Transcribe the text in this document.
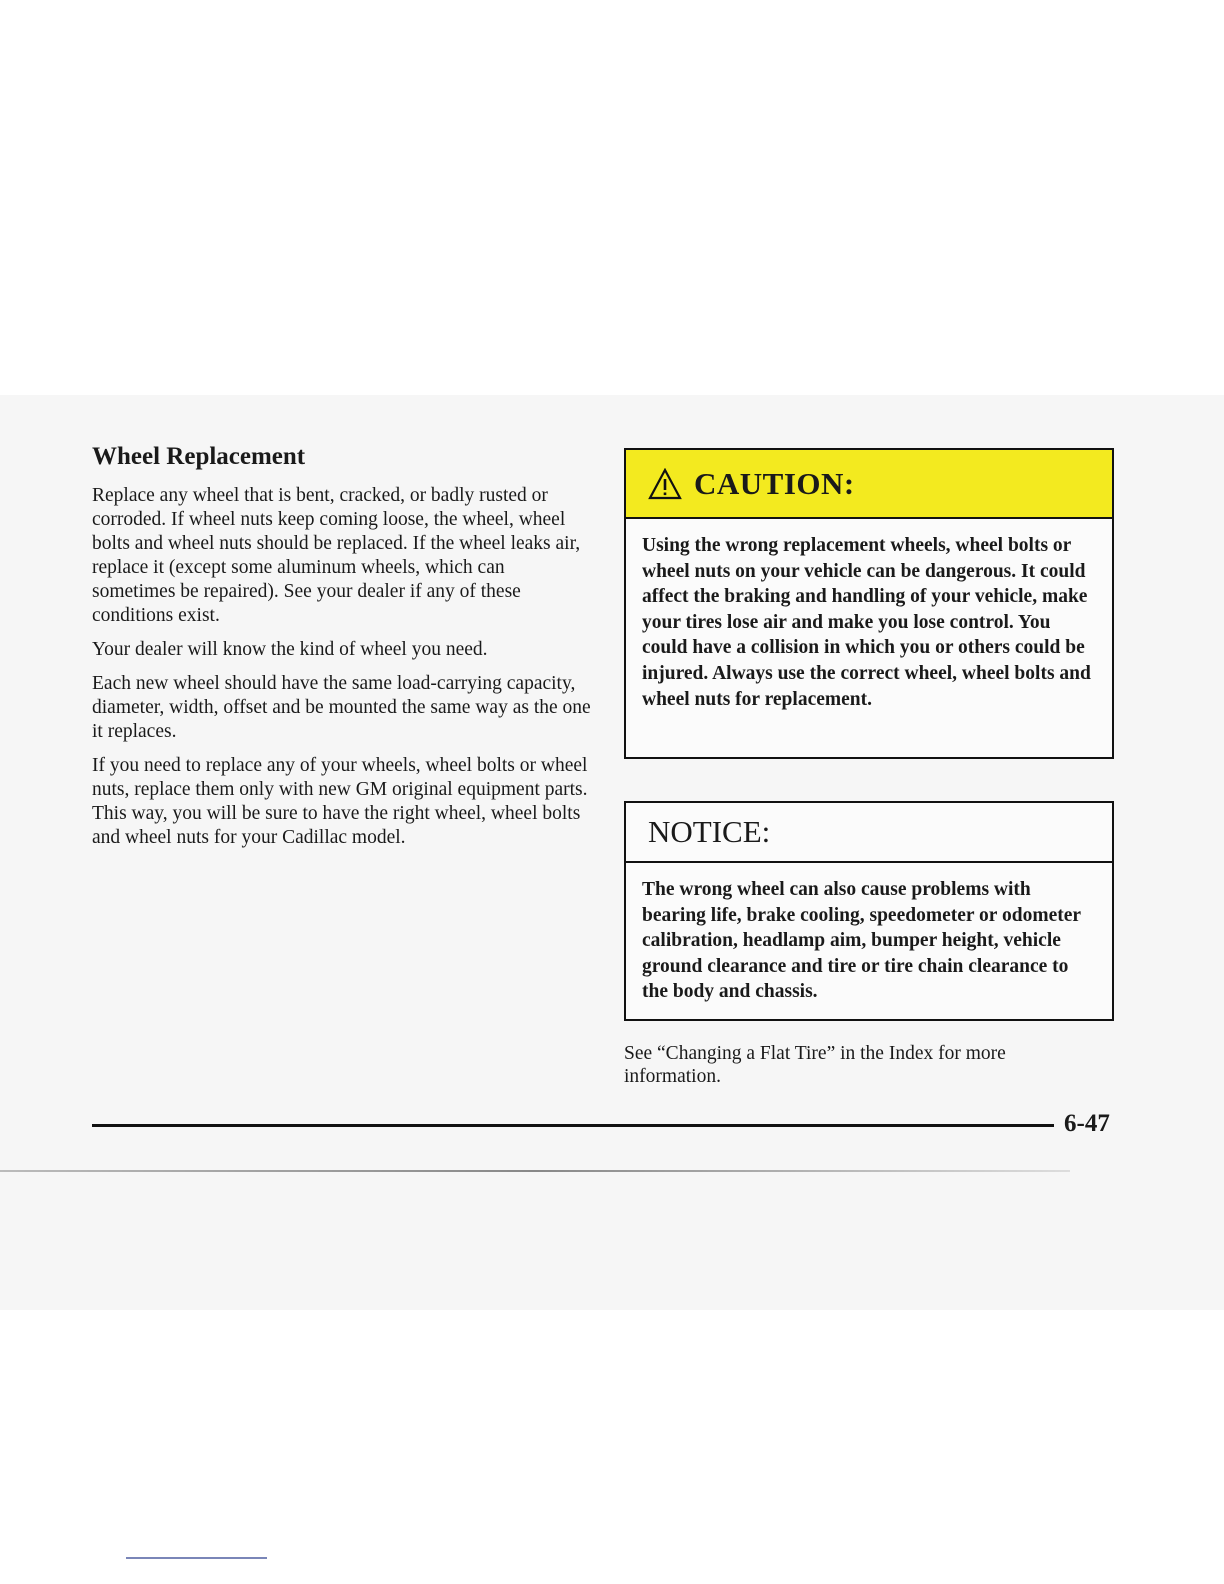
Wheel Replacement

Replace any wheel that is bent, cracked, or badly rusted or corroded. If wheel nuts keep coming loose, the wheel, wheel bolts and wheel nuts should be replaced. If the wheel leaks air, replace it (except some aluminum wheels, which can sometimes be repaired). See your dealer if any of these conditions exist.

Your dealer will know the kind of wheel you need.

Each new wheel should have the same load-carrying capacity, diameter, width, offset and be mounted the same way as the one it replaces.

If you need to replace any of your wheels, wheel bolts or wheel nuts, replace them only with new GM original equipment parts. This way, you will be sure to have the right wheel, wheel bolts and wheel nuts for your Cadillac model.

CAUTION:
Using the wrong replacement wheels, wheel bolts or wheel nuts on your vehicle can be dangerous. It could affect the braking and handling of your vehicle, make your tires lose air and make you lose control. You could have a collision in which you or others could be injured. Always use the correct wheel, wheel bolts and wheel nuts for replacement.
NOTICE:
The wrong wheel can also cause problems with bearing life, brake cooling, speedometer or odometer calibration, headlamp aim, bumper height, vehicle ground clearance and tire or tire chain clearance to the body and chassis.
See “Changing a Flat Tire” in the Index for more information.
6-47
